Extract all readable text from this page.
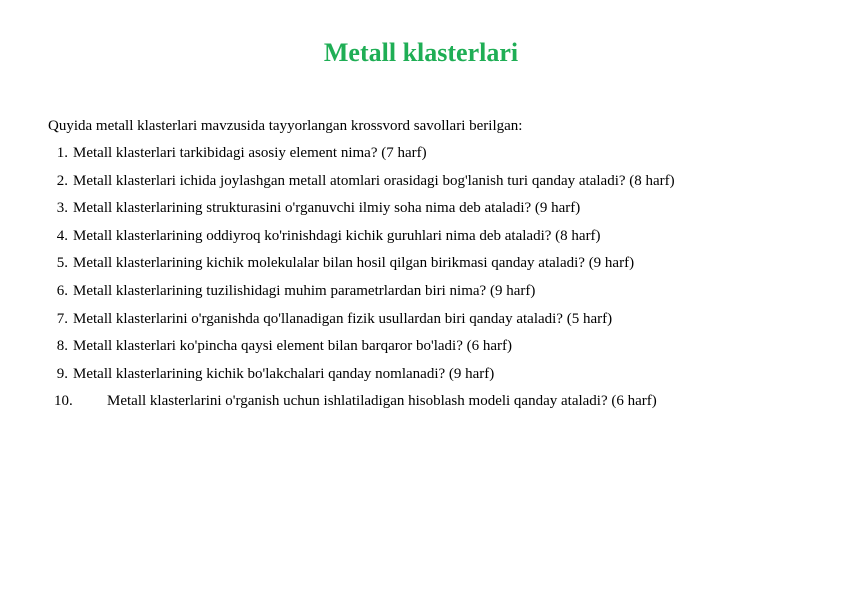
Metall klasterlari

Quyida metall klasterlari mavzusida tayyorlangan krossvord savollari berilgan:

1. Metall klasterlari tarkibidagi asosiy element nima? (7 harf)
2. Metall klasterlari ichida joylashgan metall atomlari orasidagi bog'lanish turi qanday ataladi? (8 harf)
3. Metall klasterlarining strukturasini o'rganuvchi ilmiy soha nima deb ataladi? (9 harf)
4. Metall klasterlarining oddiyroq ko'rinishdagi kichik guruhlari nima deb ataladi? (8 harf)
5. Metall klasterlarining kichik molekulalar bilan hosil qilgan birikmasi qanday ataladi? (9 harf)
6. Metall klasterlarining tuzilishidagi muhim parametrlardan biri nima? (9 harf)
7. Metall klasterlarini o'rganishda qo'llanadigan fizik usullardan biri qanday ataladi? (5 harf)
8. Metall klasterlari ko'pincha qaysi element bilan barqaror bo'ladi? (6 harf)
9. Metall klasterlarining kichik bo'lakchalari qanday nomlanadi? (9 harf)
10. Metall klasterlarini o'rganish uchun ishlatiladigan hisoblash modeli qanday ataladi? (6 harf)
